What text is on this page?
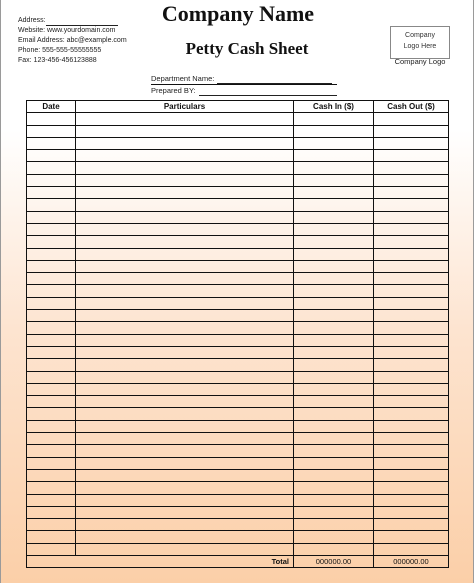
Company Name
Address:
Website: www.yourdomain.com
Email Address: abc@example.com
Phone: 555-555-55555555
Fax: 123-456-456123888
Petty Cash Sheet
Company
Logo Here
Company Logo
Department Name:
Prepared BY:
Date	Particulars	Cash In ($)	Cash Out ($)
Total	000000.00	000000.00
